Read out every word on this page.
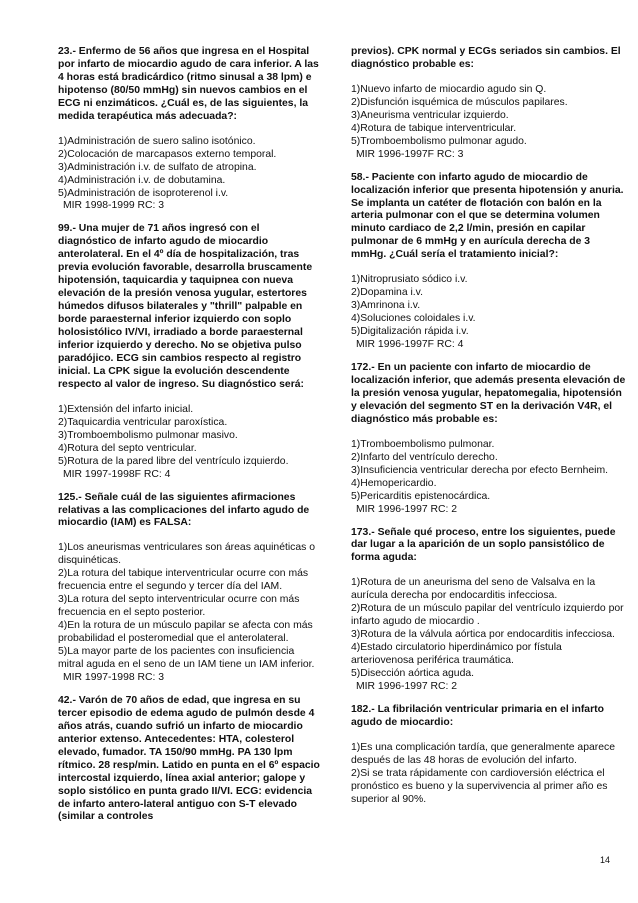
23.- Enfermo de 56 años que ingresa en el Hospital por infarto de miocardio agudo de cara inferior. A las 4 horas está bradicárdico (ritmo sinusal a 38 lpm) e hipotenso (80/50 mmHg) sin nuevos cambios en el ECG ni enzimáticos. ¿Cuál es, de las siguientes, la medida terapéutica más adecuada?:

1)Administración de suero salino isotónico.

2)Colocación de marcapasos externo temporal.

3)Administración i.v. de sulfato de atropina.

4)Administración i.v. de dobutamina.

5)Administración de isoproterenol i.v.

MIR 1998-1999 RC: 3

99.- Una mujer de 71 años ingresó con el diagnóstico de infarto agudo de miocardio anterolateral. En el 4º día de hospitalización, tras previa evolución favorable, desarrolla bruscamente hipotensión, taquicardia y taquipnea con nueva elevación de la presión venosa yugular, estertores húmedos difusos bilaterales y "thrill" palpable en borde paraesternal inferior izquierdo con soplo holosistólico IV/VI, irradiado a borde paraesternal inferior izquierdo y derecho. No se objetiva pulso paradójico. ECG sin cambios respecto al registro inicial. La CPK sigue la evolución descendente respecto al valor de ingreso. Su diagnóstico será:

1)Extensión del infarto inicial.

2)Taquicardia ventricular paroxística.

3)Tromboembolismo pulmonar masivo.

4)Rotura del septo ventricular.

5)Rotura de la pared libre del ventrículo izquierdo.

MIR 1997-1998F RC: 4

125.- Señale cuál de las siguientes afirmaciones relativas a las complicaciones del infarto agudo de miocardio (IAM) es FALSA:

1)Los aneurismas ventriculares son áreas aquinéticas o disquinéticas.

2)La rotura del tabique interventricular ocurre con más frecuencia entre el segundo y tercer día del IAM.

3)La rotura del septo interventricular ocurre con más frecuencia en el septo posterior.

4)En la rotura de un músculo papilar se afecta con más probabilidad el posteromedial que el anterolateral.

5)La mayor parte de los pacientes con insuficiencia mitral aguda en el seno de un IAM tiene un IAM inferior.

MIR 1997-1998 RC: 3

42.- Varón de 70 años de edad, que ingresa en su tercer episodio de edema agudo de pulmón desde 4 años atrás, cuando sufrió un infarto de miocardio anterior extenso. Antecedentes: HTA, colesterol elevado, fumador. TA 150/90 mmHg. PA 130 lpm rítmico. 28 resp/min. Latido en punta en el 6º espacio intercostal izquierdo, línea axial anterior; galope y soplo sistólico en punta grado II/VI. ECG: evidencia de infarto antero-lateral antiguo con S-T elevado (similar a controles

previos). CPK normal y ECGs seriados sin cambios. El diagnóstico probable es:

1)Nuevo infarto de miocardio agudo sin Q.

2)Disfunción isquémica de músculos papilares.

3)Aneurisma ventricular izquierdo.

4)Rotura de tabique interventricular.

5)Tromboembolismo pulmonar agudo.

MIR 1996-1997F RC: 3

58.- Paciente con infarto agudo de miocardio de localización inferior que presenta hipotensión y anuria. Se implanta un catéter de flotación con balón en la arteria pulmonar con el que se determina volumen minuto cardiaco de 2,2 l/min, presión en capilar pulmonar de 6 mmHg y en aurícula derecha de 3 mmHg. ¿Cuál sería el tratamiento inicial?:

1)Nitroprusiato sódico i.v.

2)Dopamina i.v.

3)Amrinona i.v.

4)Soluciones coloidales i.v.

5)Digitalización rápida i.v.

MIR 1996-1997F RC: 4

172.- En un paciente con infarto de miocardio de localización inferior, que además presenta elevación de la presión venosa yugular, hepatomegalia, hipotensión y elevación del segmento ST en la derivación V4R, el diagnóstico más probable es:

1)Tromboembolismo pulmonar.

2)Infarto del ventrículo derecho.

3)Insuficiencia ventricular derecha por efecto Bernheim.

4)Hemopericardio.

5)Pericarditis epistenocárdica.

MIR 1996-1997 RC: 2

173.- Señale qué proceso, entre los siguientes, puede dar lugar a la aparición de un soplo pansistólico de forma aguda:

1)Rotura de un aneurisma del seno de Valsalva en la aurícula derecha por endocarditis infecciosa.

2)Rotura de un músculo papilar del ventrículo izquierdo por infarto agudo de miocardio .

3)Rotura de la válvula aórtica por endocarditis infecciosa.

4)Estado circulatorio hiperdinámico por fístula arteriovenosa periférica traumática.

5)Disección aórtica aguda.

MIR 1996-1997 RC: 2

182.- La fibrilación ventricular primaria en el infarto agudo de miocardio:

1)Es una complicación tardía, que generalmente aparece después de las 48 horas de evolución del infarto.

2)Si se trata rápidamente con cardioversión eléctrica el pronóstico es bueno y la supervivencia al primer año es superior al 90%.

14
